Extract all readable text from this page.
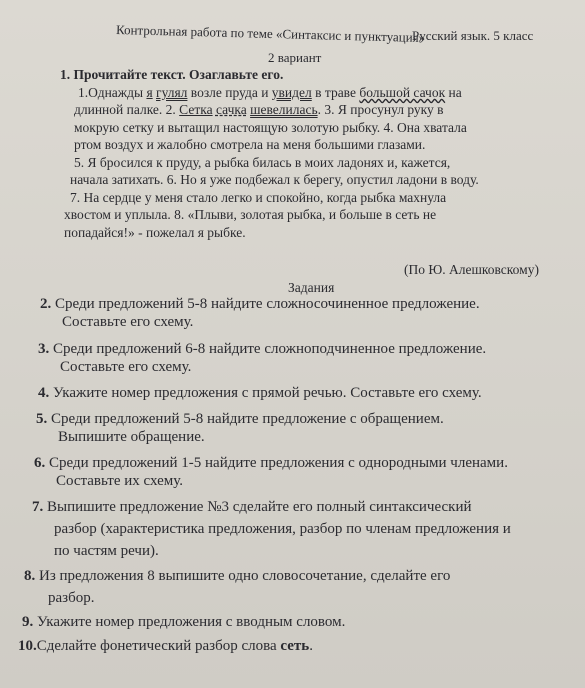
Русский язык. 5 класс
Контрольная работа по теме «Синтаксис и пунктуация»
2 вариант
1. Прочитайте текст. Озаглавьте его.
1.Однажды я гулял возле пруда и увидел в траве большой сачок на
длинной палке. 2. Сетка сачка шевелилась. 3. Я просунул руку в
мокрую сетку и вытащил настоящую золотую рыбку. 4. Она хватала
ртом воздух и жалобно смотрела на меня большими глазами.
5. Я бросился к пруду, а рыбка билась в моих ладонях и, кажется,
начала затихать. 6. Но я уже подбежал к берегу, опустил ладони в воду.
7. На сердце у меня стало легко и спокойно, когда рыбка махнула
хвостом и уплыла. 8. «Плыви, золотая рыбка, и больше в сеть не
попадайся!» - пожелал я рыбке.
(По Ю. Алешковскому)
Задания
2. Среди предложений 5-8 найдите сложносочиненное предложение.
Составьте его схему.
3. Среди предложений 6-8 найдите сложноподчиненное предложение.
Составьте его схему.
4. Укажите номер предложения с прямой речью. Составьте его схему.
5. Среди предложений 5-8 найдите предложение с обращением.
Выпишите обращение.
6. Среди предложений 1-5 найдите предложения с однородными членами.
Составьте их схему.
7. Выпишите предложение №3 сделайте его полный синтаксический
разбор (характеристика предложения, разбор по членам предложения и
по частям речи).
8. Из предложения 8 выпишите одно словосочетание, сделайте его
разбор.
9. Укажите номер предложения с вводным словом.
10.Сделайте фонетический разбор слова сеть.
